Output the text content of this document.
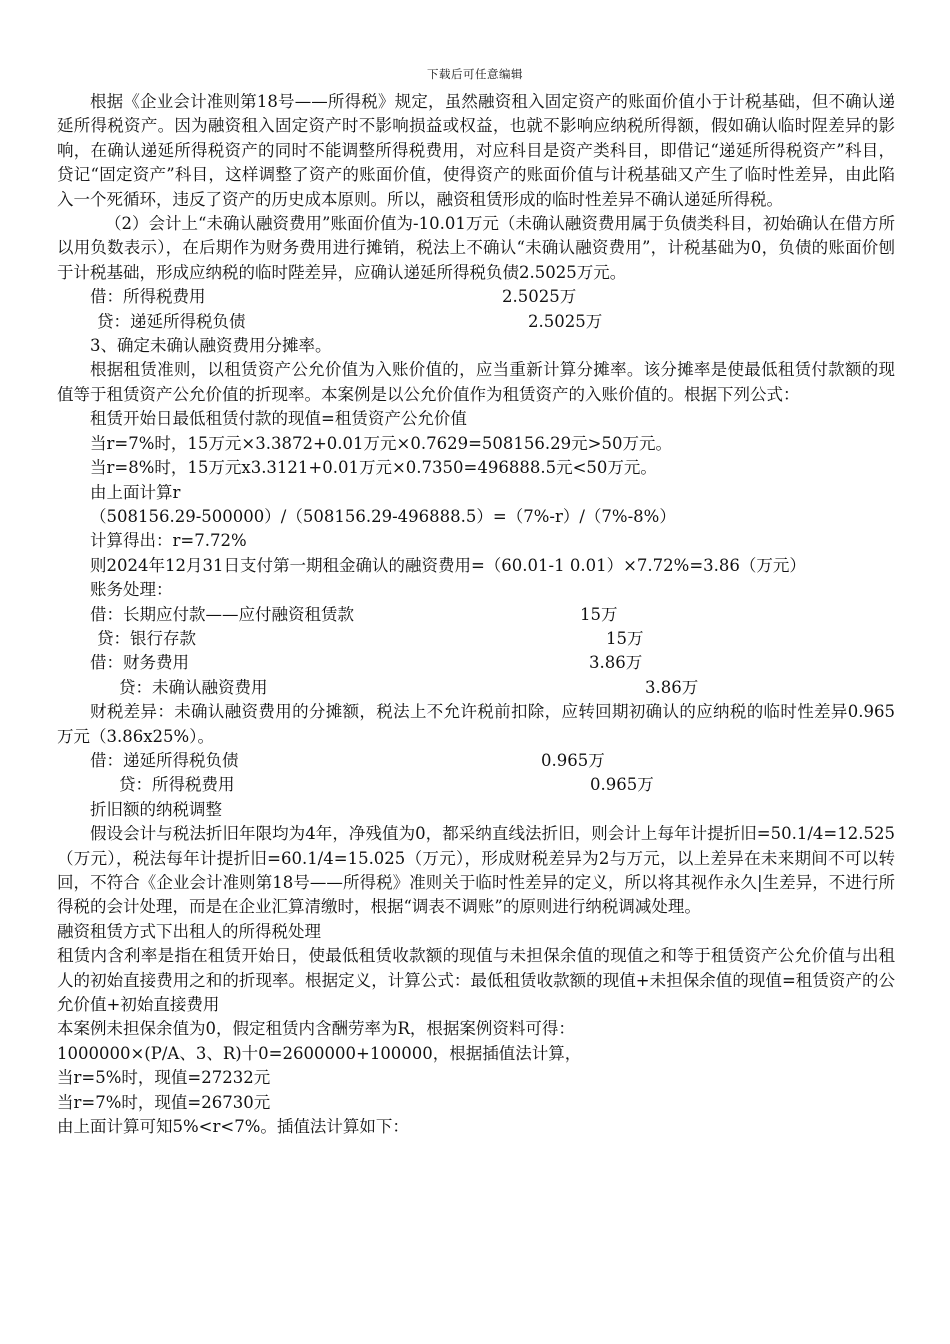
下载后可任意编辑

根据《企业会计准则第18号——所得税》规定，虽然融资租入固定资产的账面价值小于计税基础，但不确认递延所得税资产。因为融资租入固定资产时不影响损益或权益，也就不影响应纳税所得额，假如确认临时陧差异的影响，在确认递延所得税资产的同时不能调整所得税费用，对应科目是资产类科目，即借记“递延所得税资产”科目，贷记“固定资产”科目，这样调整了资产的账面价值，使得资产的账面价值与计税基础又产生了临时性差异，由此陷入一个死循环，违反了资产的历史成本原则。所以，融资租赁形成的临时性差异不确认递延所得税。

（2）会计上“未确认融资费用”账面价值为-10.01万元（未确认融资费用属于负债类科目，初始确认在借方所以用负数表示），在后期作为财务费用进行摊销，税法上不确认“未确认融资费用”，计税基础为0，负债的账面价刨于计税基础，形成应纳税的临时陛差异，应确认递延所得税负债2.5025万元。

借：所得税费用	2.5025万
贷：递延所得税负债	2.5025万

3、确定未确认融资费用分摊率。

根据租赁准则，以租赁资产公允价值为入账价值的，应当重新计算分摊率。该分摊率是使最低租赁付款额的现值等于租赁资产公允价值的折现率。本案例是以公允价值作为租赁资产的入账价值的。根据下列公式：

租赁开始日最低租赁付款的现值=租赁资产公允价值

当r=7%时，15万元×3.3872+0.01万元×0.7629=508156.29元>50万元。

当r=8%时，15万元x3.3121+0.01万元×0.7350=496888.5元<50万元。

由上面计算r

（508156.29-500000）/（508156.29-496888.5）=（7%-r）/（7%-8%）

计算得出：r=7.72%

则2024年12月31日支付第一期租金确认的融资费用=（60.01-1 0.01）×7.72%=3.86（万元）

账务处理：

借：长期应付款——应付融资租赁款	15万
贷：银行存款	15万
借：财务费用	3.86万
贷：未确认融资费用	3.86万

财税差异：未确认融资费用的分摊额，税法上不允许税前扣除，应转回期初确认的应纳税的临时性差异0.965万元（3.86x25%）。

借：递延所得税负债	0.965万
贷：所得税费用	0.965万

折旧额的纳税调整

假设会计与税法折旧年限均为4年，净残值为0，都采纳直线法折旧，则会计上每年计提折旧=50.1/4=12.525（万元），税法每年计提折旧=60.1/4=15.025（万元），形成财税差异为2与万元，以上差异在未来期间不可以转回，不符合《企业会计准则第18号——所得税》准则关于临时性差异的定义，所以将其视作永久|生差异，不进行所得税的会计处理，而是在企业汇算清缴时，根据“调表不调账”的原则进行纳税调减处理。

融资租赁方式下出租人的所得税处理

租赁内含利率是指在租赁开始日，使最低租赁收款额的现值与未担保余值的现值之和等于租赁资产公允价值与出租人的初始直接费用之和的折现率。根据定义，计算公式：最低租赁收款额的现值+未担保余值的现值=租赁资产的公允价值+初始直接费用

本案例未担保余值为0，假定租赁内含酬劳率为R，根据案例资料可得：

1000000×(P/A、3、R)十0=2600000+100000，根据插值法计算，

当r=5%时，现值=27232元

当r=7%时，现值=26730元

由上面计算可知5%<r<7%。插值法计算如下：
